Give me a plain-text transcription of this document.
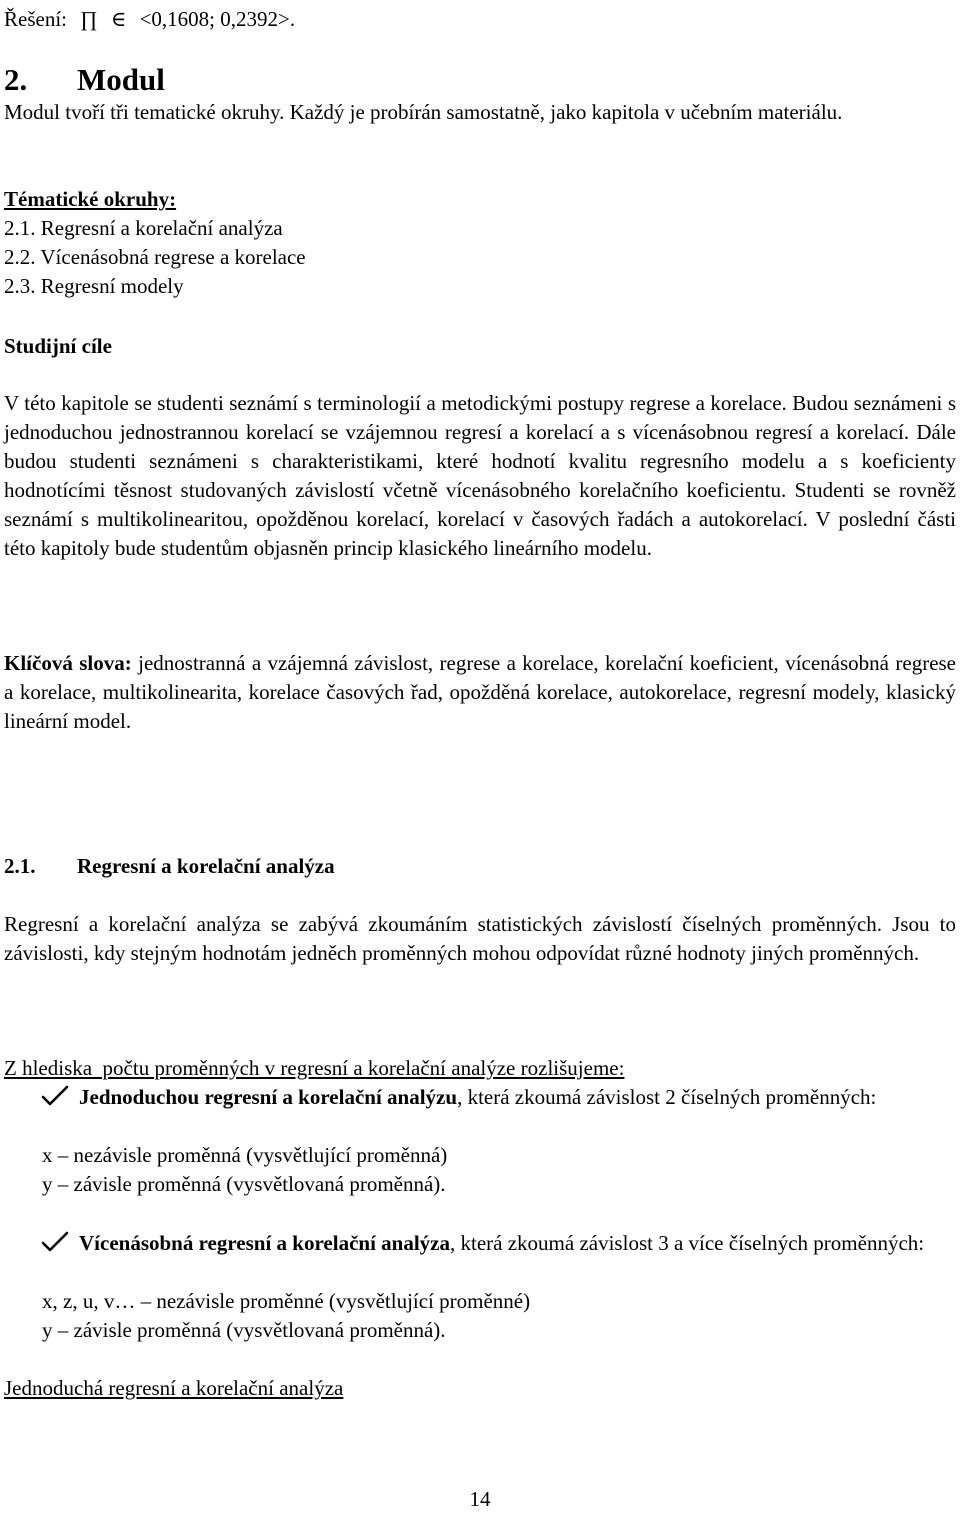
Řešení: ∏ ∈ <0,1608; 0,2392>.
2. Modul

Modul tvoří tři tematické okruhy. Každý je probírán samostatně, jako kapitola v učebním materiálu.

Tématické okruhy:
2.1. Regresní a korelační analýza
2.2. Vícenásobná regrese a korelace
2.3. Regresní modely
Studijní cíle

V této kapitole se studenti seznámí s terminologií a metodickými postupy regrese a korelace. Budou seznámeni s jednoduchou jednostrannou korelací se vzájemnou regresí a korelací a s vícenásobnou regresí a korelací. Dále budou studenti seznámeni s charakteristikami, které hodnotí kvalitu regresního modelu a s koeficienty hodnotícími těsnost studovaných závislostí včetně vícenásobného korelačního koeficientu. Studenti se rovněž seznámí s multikolinearitou, opožděnou korelací, korelací v časových řadách a autokorelací. V poslední části této kapitoly bude studentům objasněn princip klasického lineárního modelu.

Klíčová slova: jednostranná a vzájemná závislost, regrese a korelace, korelační koeficient, vícenásobná regrese a korelace, multikolinearita, korelace časových řad, opožděná korelace, autokorelace, regresní modely, klasický lineární model.

2.1. Regresní a korelační analýza

Regresní a korelační analýza se zabývá zkoumáním statistických závislostí číselných proměnných. Jsou to závislosti, kdy stejným hodnotám jedněch proměnných mohou odpovídat různé hodnoty jiných proměnných.

Z hlediska  počtu proměnných v regresní a korelační analýze rozlišujeme:

Jednoduchou regresní a korelační analýzu, která zkoumá závislost 2 číselných proměnných:

x – nezávisle proměnná (vysvětlující proměnná)
y – závisle proměnná (vysvětlovaná proměnná).

Vícenásobná regresní a korelační analýza, která zkoumá závislost 3 a více číselných proměnných:

x, z, u, v… – nezávisle proměnné (vysvětlující proměnné)
y – závisle proměnná (vysvětlovaná proměnná).
Jednoduchá regresní a korelační analýza
14
